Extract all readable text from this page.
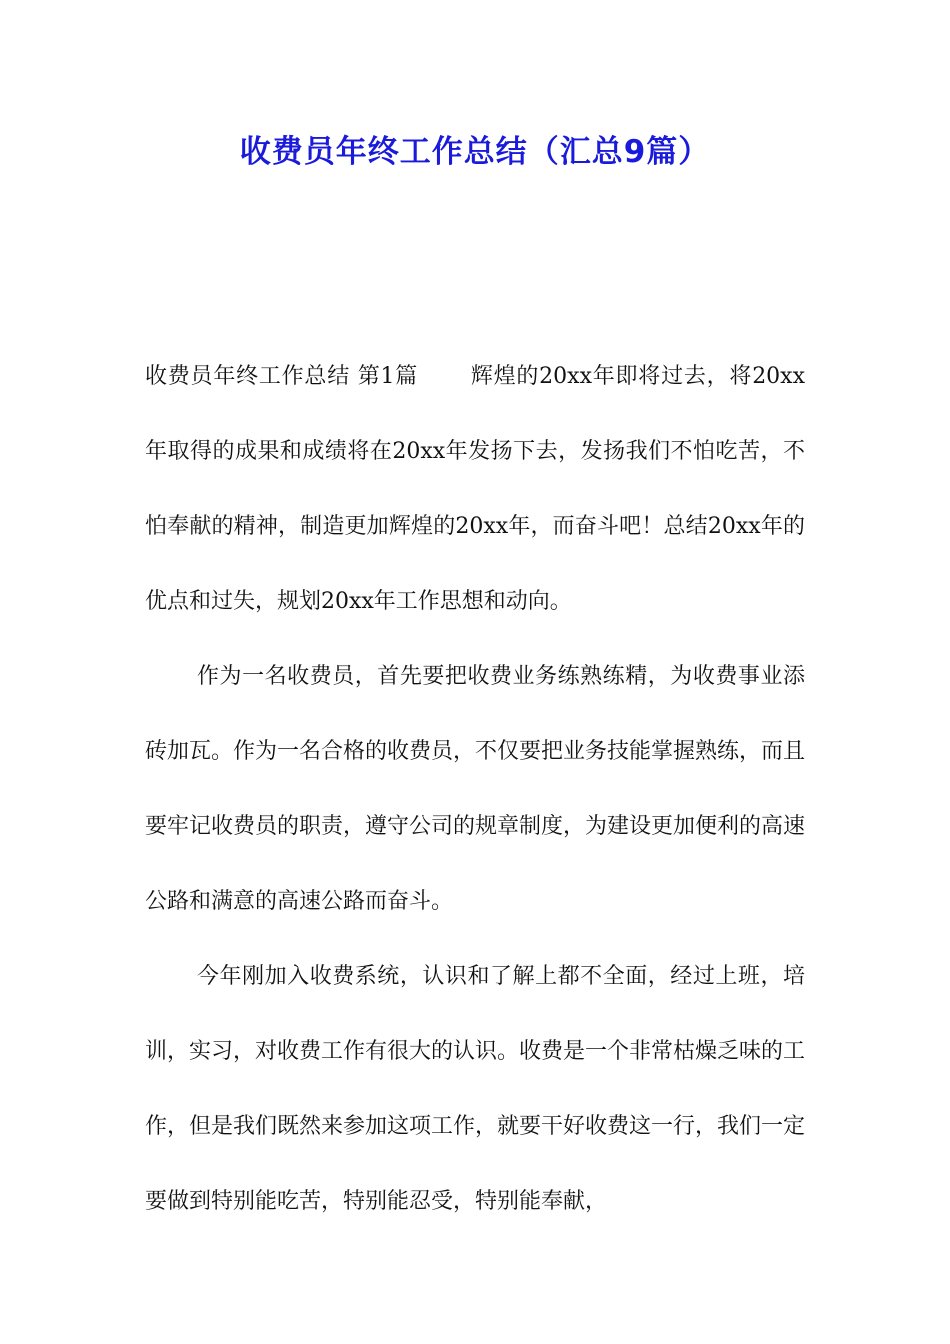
收费员年终工作总结（汇总9篇）

收费员年终工作总结 第1篇 辉煌的20xx年即将过去，将20xx年取得的成果和成绩将在20xx年发扬下去，发扬我们不怕吃苦，不怕奉献的精神，制造更加辉煌的20xx年，而奋斗吧！总结20xx年的优点和过失，规划20xx年工作思想和动向。

作为一名收费员，首先要把收费业务练熟练精，为收费事业添砖加瓦。作为一名合格的收费员，不仅要把业务技能掌握熟练，而且要牢记收费员的职责，遵守公司的规章制度，为建设更加便利的高速公路和满意的高速公路而奋斗。

今年刚加入收费系统，认识和了解上都不全面，经过上班，培训，实习，对收费工作有很大的认识。收费是一个非常枯燥乏味的工作，但是我们既然来参加这项工作，就要干好收费这一行，我们一定要做到特别能吃苦，特别能忍受，特别能奉献，
